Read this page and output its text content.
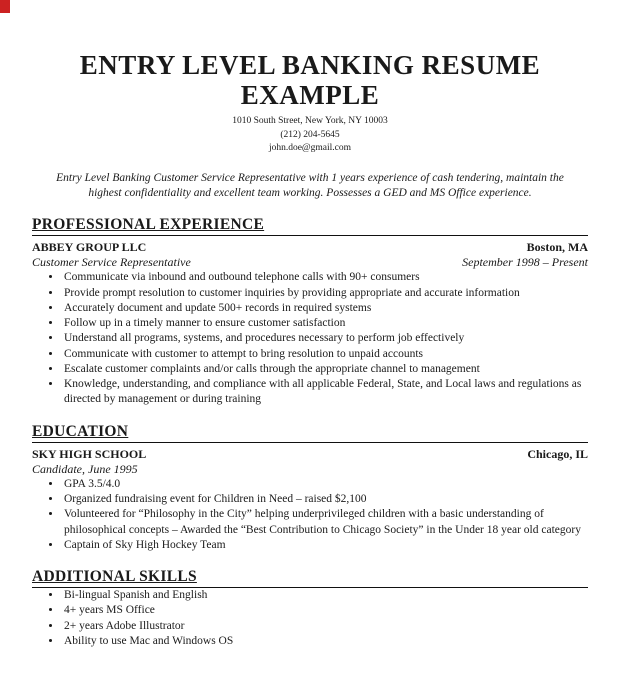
ENTRY LEVEL BANKING RESUME
EXAMPLE
1010 South Street, New York, NY 10003
(212) 204-5645
john.doe@gmail.com
Entry Level Banking Customer Service Representative with 1 years experience of cash tendering, maintain the highest confidentiality and excellent team working. Possesses a GED and MS Office experience.
PROFESSIONAL EXPERIENCE
ABBEY GROUP LLC	Boston, MA
Customer Service Representative	September 1998 – Present
• Communicate via inbound and outbound telephone calls with 90+ consumers
• Provide prompt resolution to customer inquiries by providing appropriate and accurate information
• Accurately document and update 500+ records in required systems
• Follow up in a timely manner to ensure customer satisfaction
• Understand all programs, systems, and procedures necessary to perform job effectively
• Communicate with customer to attempt to bring resolution to unpaid accounts
• Escalate customer complaints and/or calls through the appropriate channel to management
• Knowledge, understanding, and compliance with all applicable Federal, State, and Local laws and regulations as directed by management or during training
EDUCATION
SKY HIGH SCHOOL	Chicago, IL
Candidate, June 1995
• GPA 3.5/4.0
• Organized fundraising event for Children in Need – raised $2,100
• Volunteered for “Philosophy in the City” helping underprivileged children with a basic understanding of philosophical concepts – Awarded the “Best Contribution to Chicago Society” in the Under 18 year old category
• Captain of Sky High Hockey Team
ADDITIONAL SKILLS
• Bi-lingual Spanish and English
• 4+ years MS Office
• 2+ years Adobe Illustrator
• Ability to use Mac and Windows OS
